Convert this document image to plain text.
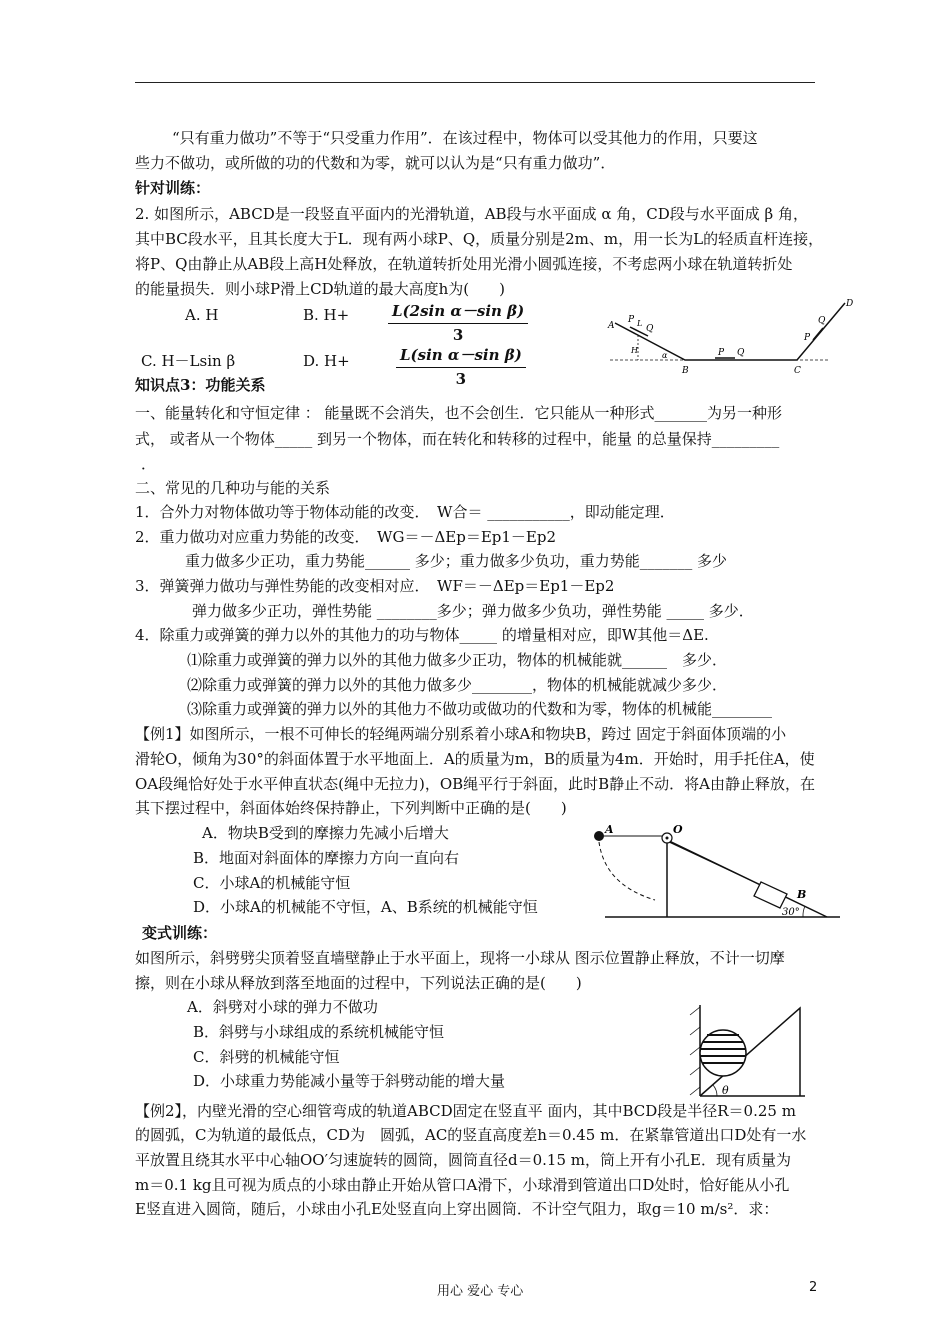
“只有重力做功”不等于“只受重力作用”．在该过程中，物体可以受其他力的作用，只要这
些力不做功，或所做的功的代数和为零，就可以认为是“只有重力做功”．
针对训练：
2. 如图所示，ABCD是一段竖直平面内的光滑轨道，AB段与水平面成 α 角，CD段与水平面成 β 角，
其中BC段水平，且其长度大于L．现有两小球P、Q，质量分别是2m、m，用一长为L的轻质直杆连接，
将P、Q由静止从AB段上高H处释放，在轨道转折处用光滑小圆弧连接，不考虑两小球在轨道转折处
的能量损失．则小球P滑上CD轨道的最大高度h为(　　)
A. H	B. H+	$\frac{\text{L(2sin α－sin β)}}{3}$
C. H－Lsin β	D. H+	$\frac{\text{L(sin α－sin β)}}{3}$
A
P L
Q
H
α
B
P Q
C
Q
P
D
知识点3：功能关系
一、能量转化和守恒定律 ： 能量既不会消失，也不会创生．它只能从一种形式_______为另一种形
式， 或者从一个物体_____ 到另一个物体，而在转化和转移的过程中，能量 的总量保持_________
．
二、常见的几种功与能的关系
1．合外力对物体做功等于物体动能的改变．　W合＝ ___________，即动能定理．
2．重力做功对应重力势能的改变．　WG＝－ΔEp＝Ep1－Ep2
重力做多少正功，重力势能______ 多少；重力做多少负功，重力势能_______ 多少
3．弹簧弹力做功与弹性势能的改变相对应．　WF＝－ΔEp＝Ep1－Ep2
弹力做多少正功，弹性势能 ________多少；弹力做多少负功，弹性势能 _____ 多少．
4．除重力或弹簧的弹力以外的其他力的功与物体_____ 的增量相对应，即W其他＝ΔE.
⑴除重力或弹簧的弹力以外的其他力做多少正功，物体的机械能就______　多少．
⑵除重力或弹簧的弹力以外的其他力做多少________，物体的机械能就减少多少．
⑶除重力或弹簧的弹力以外的其他力不做功或做功的代数和为零，物体的机械能________
【例1】如图所示，一根不可伸长的轻绳两端分别系着小球A和物块B，跨过 固定于斜面体顶端的小
滑轮O，倾角为30°的斜面体置于水平地面上．A的质量为m，B的质量为4m．开始时，用手托住A，使
OA段绳恰好处于水平伸直状态(绳中无拉力)，OB绳平行于斜面，此时B静止不动．将A由静止释放，在
其下摆过程中，斜面体始终保持静止，下列判断中正确的是(　　)
A．物块B受到的摩擦力先减小后增大
B．地面对斜面体的摩擦力方向一直向右
C．小球A的机械能守恒
D．小球A的机械能不守恒，A、B系统的机械能守恒
A	O
B
30°
变式训练：
如图所示，斜劈劈尖顶着竖直墙壁静止于水平面上，现将一小球从 图示位置静止释放，不计一切摩
擦，则在小球从释放到落至地面的过程中，下列说法正确的是(　　)
A．斜劈对小球的弹力不做功
B．斜劈与小球组成的系统机械能守恒
C．斜劈的机械能守恒
D．小球重力势能减小量等于斜劈动能的增大量
θ
【例2】，内壁光滑的空心细管弯成的轨道ABCD固定在竖直平 面内，其中BCD段是半径R＝0.25 m
的圆弧，C为轨道的最低点，CD为　圆弧，AC的竖直高度差h＝0.45 m．在紧靠管道出口D处有一水
平放置且绕其水平中心轴OO′匀速旋转的圆筒，圆筒直径d＝0.15 m，筒上开有小孔E．现有质量为
m＝0.1 kg且可视为质点的小球由静止开始从管口A滑下，小球滑到管道出口D处时，恰好能从小孔
E竖直进入圆筒，随后，小球由小孔E处竖直向上穿出圆筒．不计空气阻力，取g＝10 m/s²．求：
用心 爱心 专心	2
